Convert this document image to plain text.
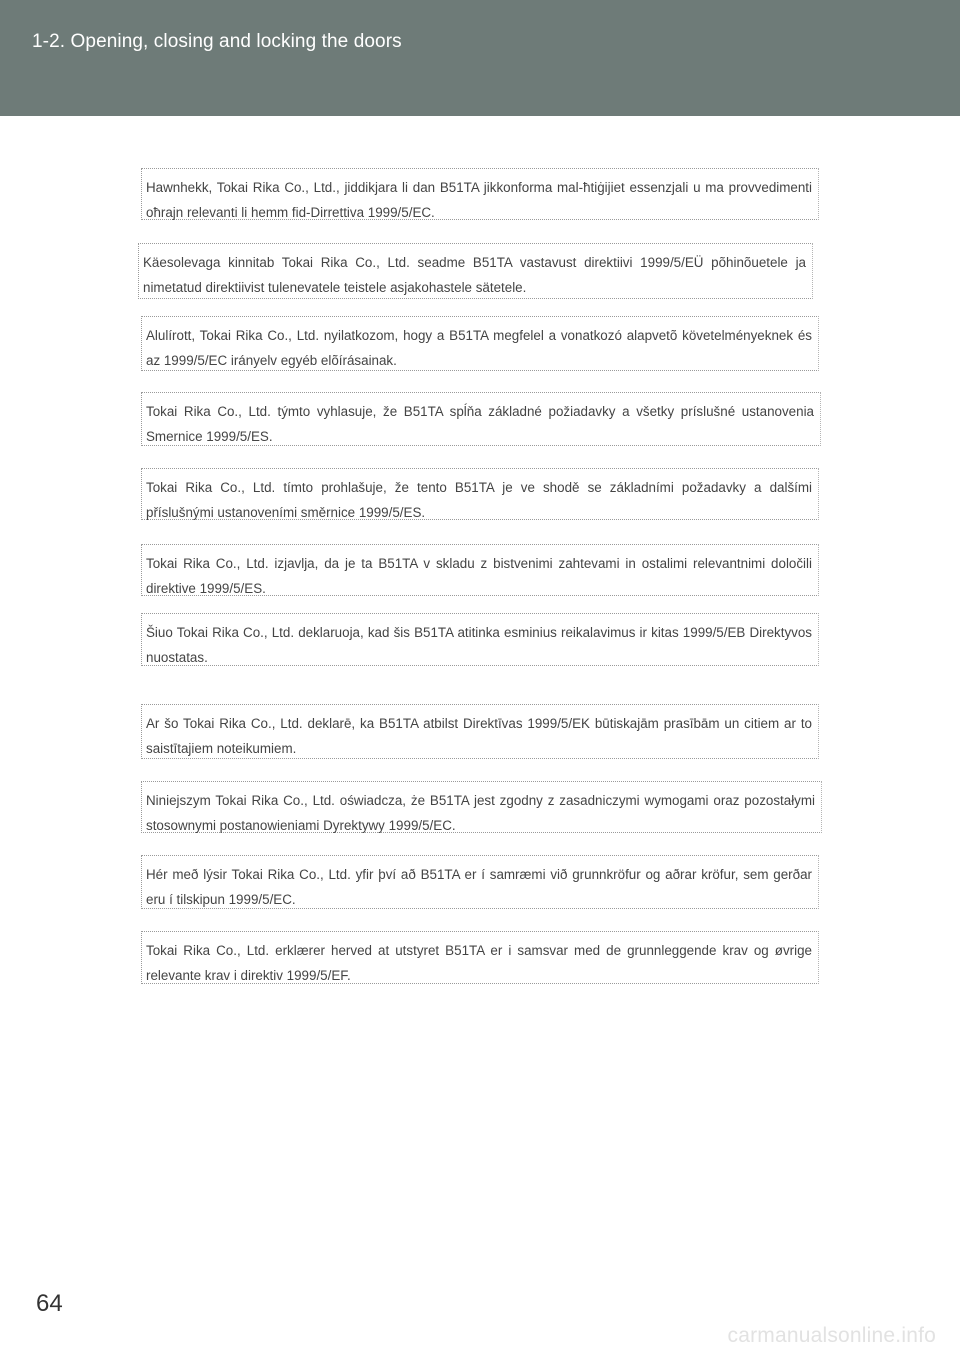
1-2. Opening, closing and locking the doors
Hawnhekk, Tokai Rika Co., Ltd., jiddikjara li dan B51TA jikkonforma mal-ħtiġijiet essenzjali u ma provvedimenti oħrajn relevanti li hemm fid-Dirrettiva 1999/5/EC.
Käesolevaga kinnitab Tokai Rika Co., Ltd. seadme B51TA vastavust direktiivi 1999/5/EÜ põhinõuetele ja nimetatud direktiivist tulenevatele teistele asjakohastele sätetele.
Alulírott, Tokai Rika Co., Ltd. nyilatkozom, hogy a B51TA megfelel a vonatkozó alapvetõ követelményeknek és az 1999/5/EC irányelv egyéb elõírásainak.
Tokai Rika Co., Ltd. týmto vyhlasuje, že B51TA spĺňa základné požiadavky a všetky príslušné ustanovenia Smernice 1999/5/ES.
Tokai Rika Co., Ltd. tímto prohlašuje, že tento B51TA je ve shodě se základními požadavky a dalšími příslušnými ustanoveními směrnice 1999/5/ES.
Tokai Rika Co., Ltd. izjavlja, da je ta B51TA v skladu z bistvenimi zahtevami in ostalimi relevantnimi določili direktive 1999/5/ES.
Šiuo Tokai Rika Co., Ltd. deklaruoja, kad šis B51TA atitinka esminius reikalavimus ir kitas 1999/5/EB Direktyvos nuostatas.
Ar šo Tokai Rika Co., Ltd. deklarē, ka B51TA atbilst Direktīvas 1999/5/EK būtiskajām prasībām un citiem ar to saistītajiem noteikumiem.
Niniejszym Tokai Rika Co., Ltd. oświadcza, że B51TA jest zgodny z zasadniczymi wymogami oraz pozostałymi stosownymi postanowieniami Dyrektywy 1999/5/EC.
Hér með lýsir Tokai Rika Co., Ltd. yfir því að B51TA er í samræmi við grunnkröfur og aðrar kröfur, sem gerðar eru í tilskipun 1999/5/EC.
Tokai Rika Co., Ltd. erklærer herved at utstyret B51TA er i samsvar med de grunnleggende krav og øvrige relevante krav i direktiv 1999/5/EF.
64
carmanualsonline.info
